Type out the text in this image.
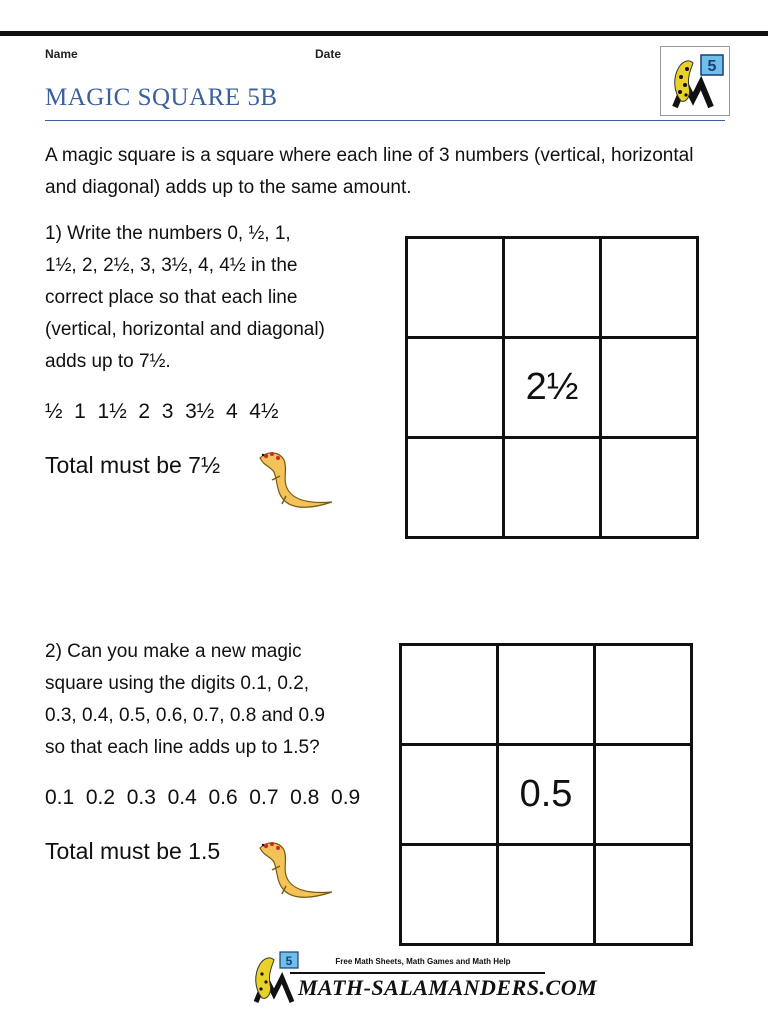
Name	Date
MAGIC SQUARE 5B
5

A magic square is a square where each line of 3 numbers (vertical, horizontal and diagonal) adds up to the same amount.

1) Write the numbers 0, ½, 1,
1½, 2, 2½, 3, 3½, 4, 4½ in the
correct place so that each line
(vertical, horizontal and diagonal)
adds up to 7½.

½  1  1½  2  3  3½  4  4½
Total must be 7½

	2½	

2) Can you make a new magic
square using the digits 0.1, 0.2,
0.3, 0.4, 0.5, 0.6, 0.7, 0.8 and 0.9
so that each line adds up to 1.5?

0.1  0.2  0.3  0.4  0.6  0.7  0.8  0.9
Total must be 1.5

	0.5	

5	Free Math Sheets, Math Games and Math Help
MATH-SALAMANDERS.COM
